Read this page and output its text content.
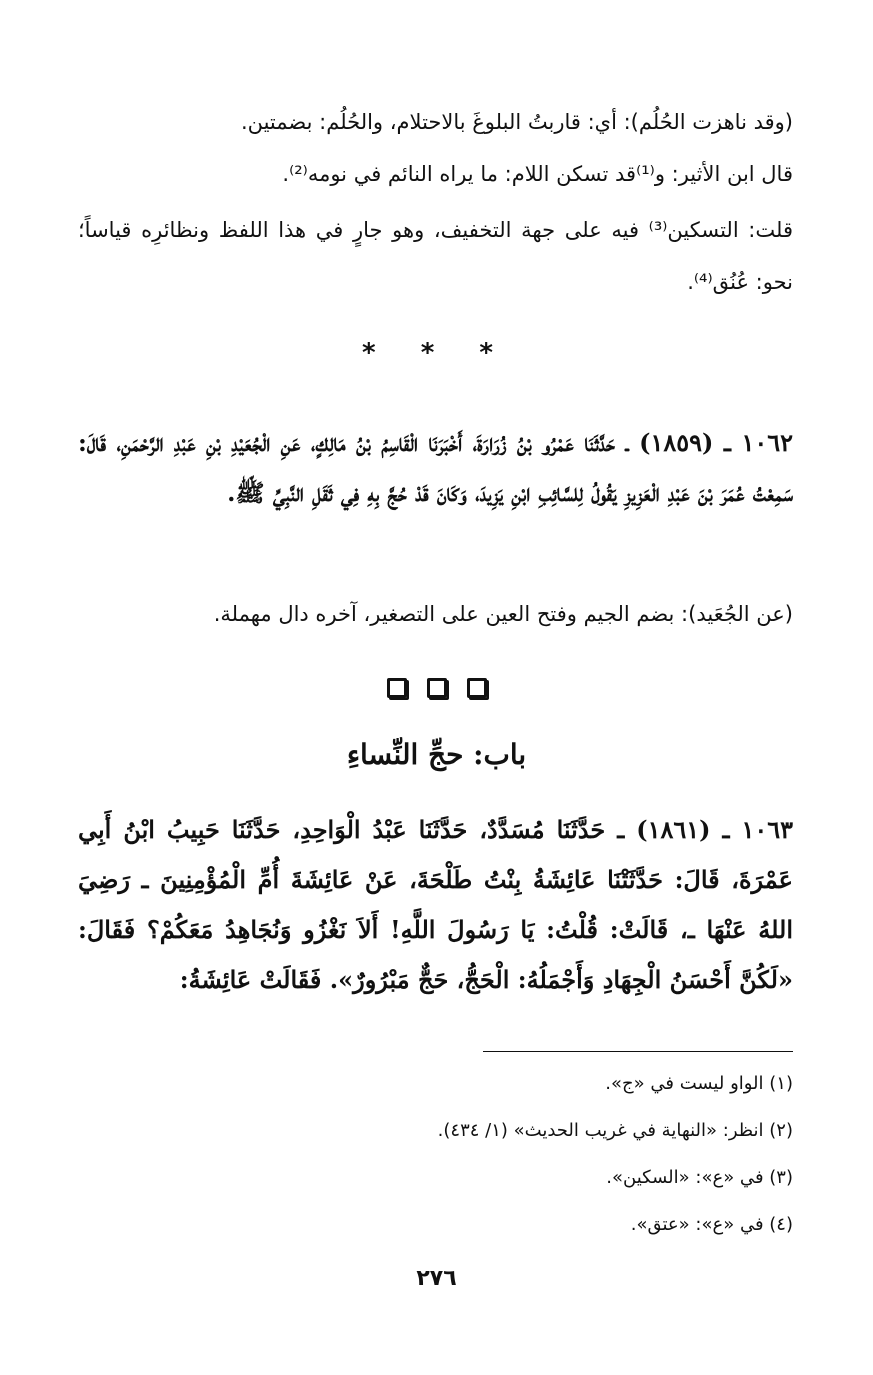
(وقد ناهزت الحُلُم): أي: قاربتُ البلوغَ بالاحتلام، والحُلُم: بضمتين.

قال ابن الأثير: و⁽¹⁾قد تسكن اللام: ما يراه النائم في نومه⁽²⁾.

قلت: التسكين⁽³⁾ فيه على جهة التخفيف، وهو جارٍ في هذا اللفظ ونظائرِه قياساً؛ نحو: عُنُق⁽⁴⁾.

* * *

١٠٦٢ ـ (١٨٥٩) ـ حَدَّثَنَا عَمْرُو بْنُ زُرَارَةَ، أَخْبَرَنَا الْقَاسِمُ بْنُ مَالِكٍ، عَنِ الْجُعَيْدِ بْنِ عَبْدِ الرَّحْمَنِ، قَالَ: سَمِعْتُ عُمَرَ بْنَ عَبْدِ الْعَزِيزِ يَقُولُ لِلسَّائِبِ ابْنِ يَزِيدَ، وَكَانَ قَدْ حُجَّ بِهِ فِي ثَقَلِ النَّبِيِّ ﷺ.

(عن الجُعَيد): بضم الجيم وفتح العين على التصغير، آخره دال مهملة.

باب: حجِّ النِّساءِ

١٠٦٣ ـ (١٨٦١) ـ حَدَّثَنَا مُسَدَّدٌ، حَدَّثَنَا عَبْدُ الْوَاحِدِ، حَدَّثَنَا حَبِيبُ ابْنُ أَبِي عَمْرَةَ، قَالَ: حَدَّثَتْنَا عَائِشَةُ بِنْتُ طَلْحَةَ، عَنْ عَائِشَةَ أُمِّ الْمُؤْمِنِينَ ـ رَضِيَ اللهُ عَنْهَا ـ، قَالَتْ: قُلْتُ: يَا رَسُولَ اللَّهِ! أَلاَ نَغْزُو وَنُجَاهِدُ مَعَكُمْ؟ فَقَالَ: «لَكُنَّ أَحْسَنُ الْجِهَادِ وَأَجْمَلُهُ: الْحَجُّ، حَجٌّ مَبْرُورٌ». فَقَالَتْ عَائِشَةُ:

(١) الواو ليست في «ج».
(٢) انظر: «النهاية في غريب الحديث» (١/ ٤٣٤).
(٣) في «ع»: «السكين».
(٤) في «ع»: «عتق».
٢٧٦
